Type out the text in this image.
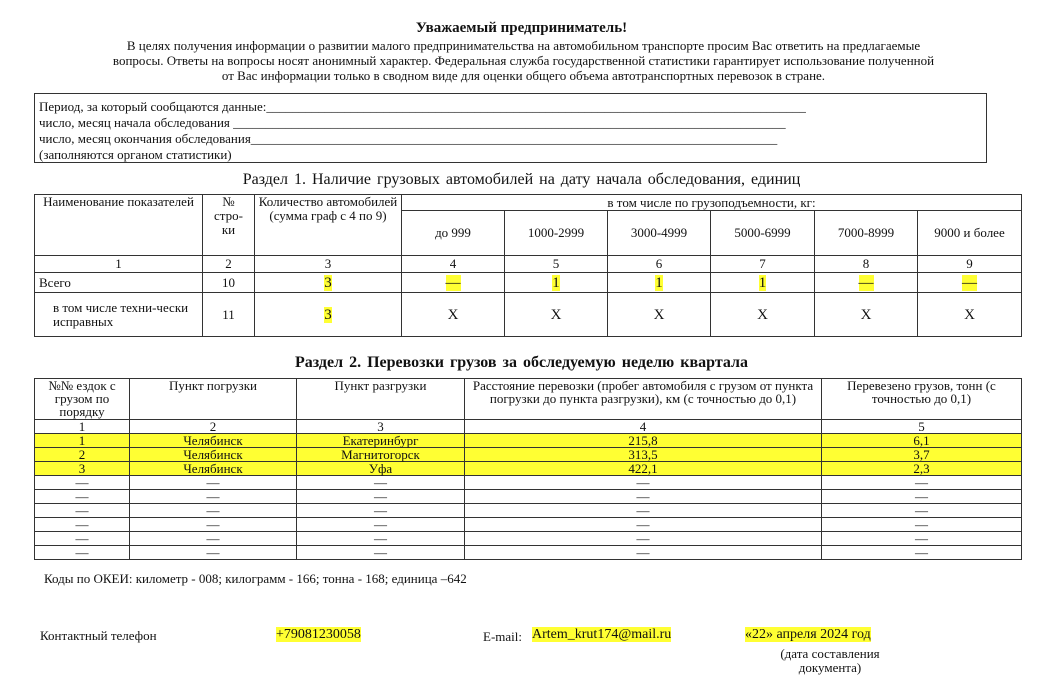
Уважаемый предприниматель!
В целях получения информации о развитии малого предпринимательства на автомобильном транспорте просим Вас ответить на предлагаемые
вопросы. Ответы на вопросы носят анонимный характер. Федеральная служба государственной статистики гарантирует использование полученной
от Вас информации только в сводном виде для оценки общего объема автотранспортных перевозок в стране.
Период, за который сообщаются данные:___________________________________________________________________________________
число, месяц начала обследования _____________________________________________________________________________________
число, месяц окончания обследования_________________________________________________________________________________
(заполняются органом статистики)
Раздел 1. Наличие грузовых автомобилей на дату начала обследования, единиц
Наименование показателей	№
стро-
ки	Количество автомобилей (сумма граф с 4 по 9)	в том числе по грузоподъемности, кг:					
			до 999	1000-2999	3000-4999	5000-6999	7000-8999	9000 и более
1	2	3	4	5	6	7	8	9
Всего	10	3	—	1	1	1	—	—
в том числе техни-чески исправных	11	3	X	X	X	X	X	X
Раздел 2. Перевозки грузов за обследуемую неделю квартала
№№ ездок с грузом по порядку	Пункт погрузки	Пункт разгрузки	Расстояние перевозки (пробег автомобиля с грузом от пункта погрузки до пункта разгрузки), км (с точностью до 0,1)	Перевезено грузов, тонн (с точностью до 0,1)
1	2	3	4	5

1	Челябинск	Екатеринбург	215,8	6,1

2	Челябинск	Магнитогорск	313,5	3,7

3	Челябинск	Уфа	422,1	2,3

—	—	—	—	—
—	—	—	—	—
—	—	—	—	—
—	—	—	—	—
—	—	—	—	—
—	—	—	—	—
Коды по ОКЕИ: километр - 008; килограмм - 166; тонна - 168; единица –642
Контактный телефон	+79081230058	E-mail: Artem_krut174@mail.ru	«22» апреля 2024 год
(дата составления документа)
